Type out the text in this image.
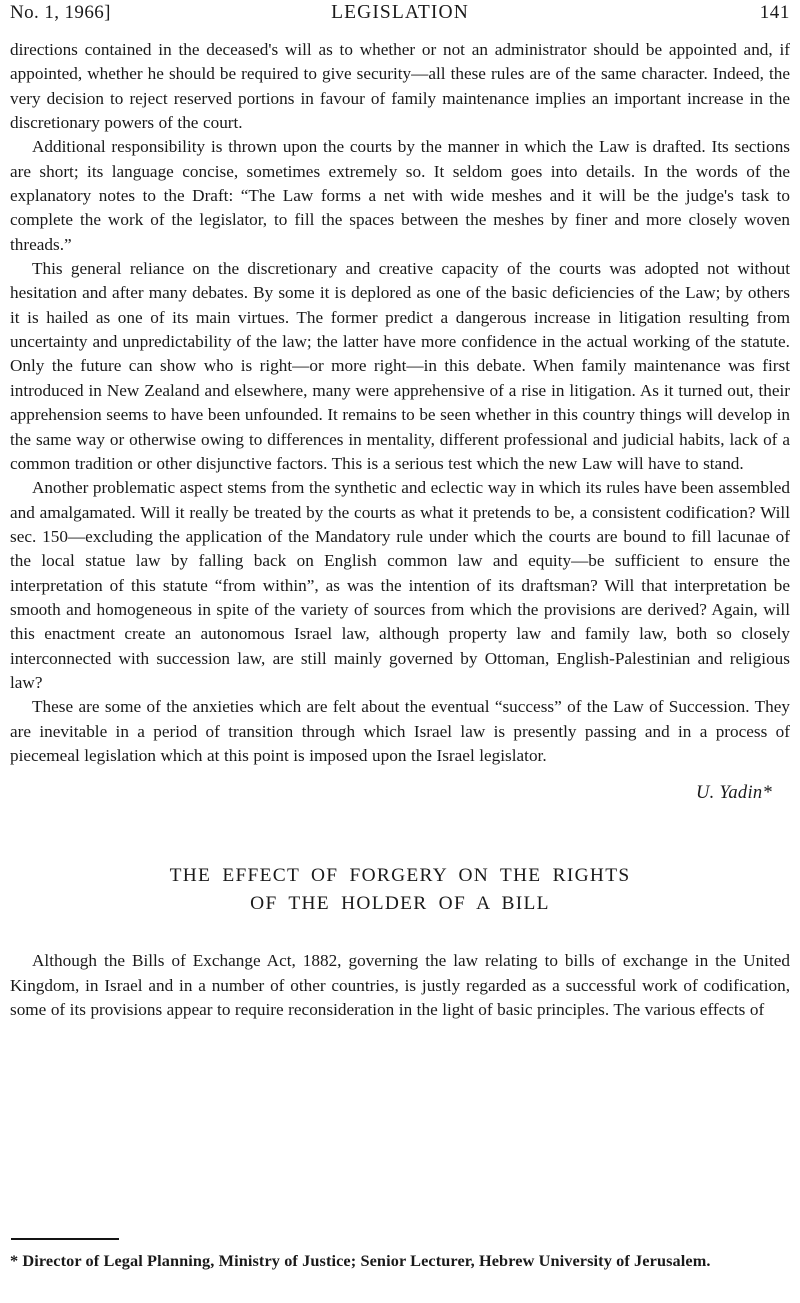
No. 1, 1966]	LEGISLATION	141

directions contained in the deceased's will as to whether or not an administrator should be appointed and, if appointed, whether he should be required to give security—all these rules are of the same character. Indeed, the very decision to reject reserved portions in favour of family maintenance implies an important increase in the discretionary powers of the court.

Additional responsibility is thrown upon the courts by the manner in which the Law is drafted. Its sections are short; its language concise, sometimes extremely so. It seldom goes into details. In the words of the explanatory notes to the Draft: “The Law forms a net with wide meshes and it will be the judge's task to complete the work of the legislator, to fill the spaces between the meshes by finer and more closely woven threads.”

This general reliance on the discretionary and creative capacity of the courts was adopted not without hesitation and after many debates. By some it is deplored as one of the basic deficiencies of the Law; by others it is hailed as one of its main virtues. The former predict a dangerous increase in litigation resulting from uncertainty and unpredictability of the law; the latter have more confidence in the actual working of the statute. Only the future can show who is right—or more right—in this debate. When family maintenance was first introduced in New Zealand and elsewhere, many were apprehensive of a rise in litigation. As it turned out, their apprehension seems to have been unfounded. It remains to be seen whether in this country things will develop in the same way or otherwise owing to differences in mentality, different professional and judicial habits, lack of a common tradition or other disjunctive factors. This is a serious test which the new Law will have to stand.

Another problematic aspect stems from the synthetic and eclectic way in which its rules have been assembled and amalgamated. Will it really be treated by the courts as what it pretends to be, a consistent codification? Will sec. 150—excluding the application of the Mandatory rule under which the courts are bound to fill lacunae of the local statue law by falling back on English common law and equity—be sufficient to ensure the interpretation of this statute “from within”, as was the intention of its draftsman? Will that interpretation be smooth and homogeneous in spite of the variety of sources from which the provisions are derived? Again, will this enactment create an autonomous Israel law, although property law and family law, both so closely interconnected with succession law, are still mainly governed by Ottoman, English-Palestinian and religious law?

These are some of the anxieties which are felt about the eventual “success” of the Law of Succession. They are inevitable in a period of transition through which Israel law is presently passing and in a process of piecemeal legislation which at this point is imposed upon the Israel legislator.

U. Yadin*

THE EFFECT OF FORGERY ON THE RIGHTS
OF THE HOLDER OF A BILL

Although the Bills of Exchange Act, 1882, governing the law relating to bills of exchange in the United Kingdom, in Israel and in a number of other countries, is justly regarded as a successful work of codification, some of its provisions appear to require reconsideration in the light of basic principles. The various effects of

* Director of Legal Planning, Ministry of Justice; Senior Lecturer, Hebrew University of Jerusalem.
